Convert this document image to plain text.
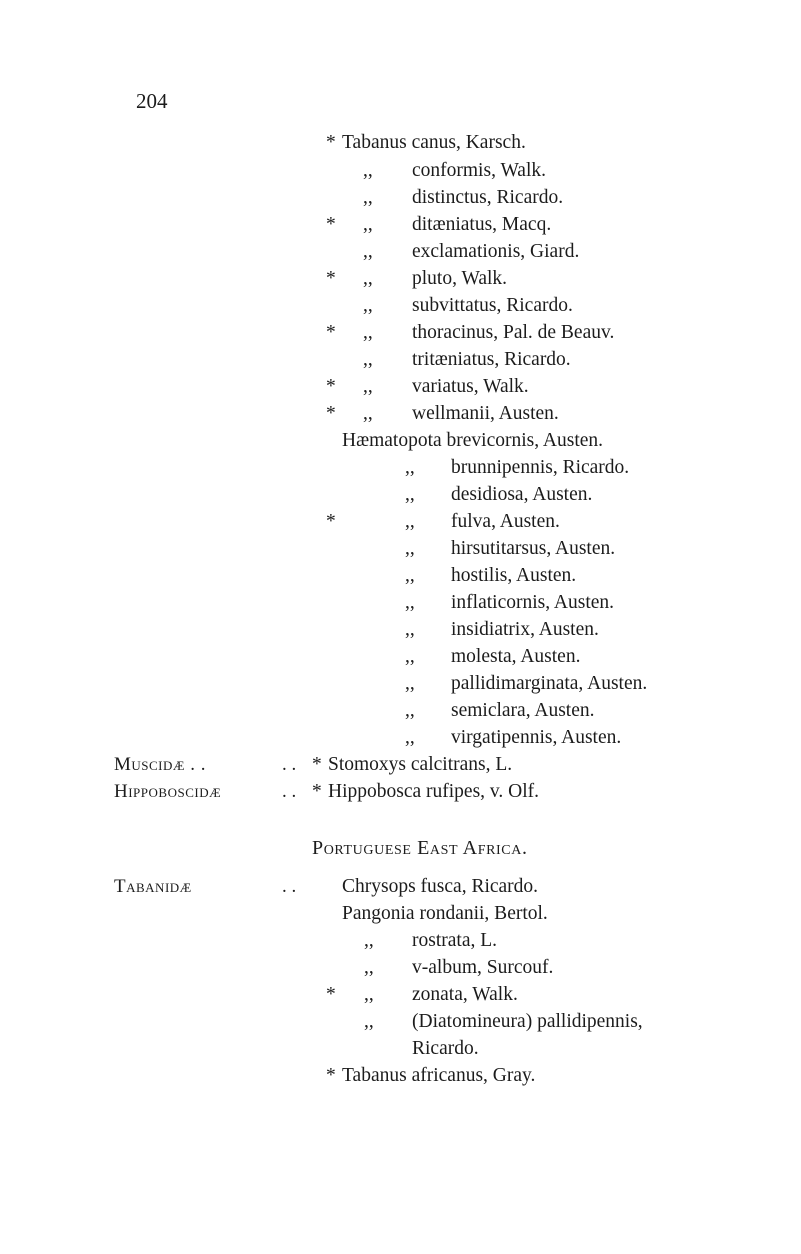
204
* Tabanus canus, Karsch.
,, conformis, Walk.
,, distinctus, Ricardo.
* ,, ditæniatus, Macq.
,, exclamationis, Giard.
* ,, pluto, Walk.
,, subvittatus, Ricardo.
* ,, thoracinus, Pal. de Beauv.
,, tritæniatus, Ricardo.
* ,, variatus, Walk.
* ,, wellmanii, Austen.
Hæmatopota brevicornis, Austen.
,, brunnipennis, Ricardo.
,, desidiosa, Austen.
*	,, fulva, Austen.
,, hirsutitarsus, Austen.
,, hostilis, Austen.
,, inflaticornis, Austen.
,, insidiatrix, Austen.
,, molesta, Austen.
,, pallidimarginata, Austen.
,, semiclara, Austen.
,, virgatipennis, Austen.
Muscidæ . .	. . * Stomoxys calcitrans, L.
Hippoboscidæ	. . * Hippobosca rufipes, v. Olf.
Portuguese East Africa.
Tabanidæ	. . Chrysops fusca, Ricardo.
Pangonia rondanii, Bertol.
,, rostrata, L.
,, v-album, Surcouf.
* ,, zonata, Walk.
,, (Diatomineura) pallidipennis,
Ricardo.
* Tabanus africanus, Gray.
